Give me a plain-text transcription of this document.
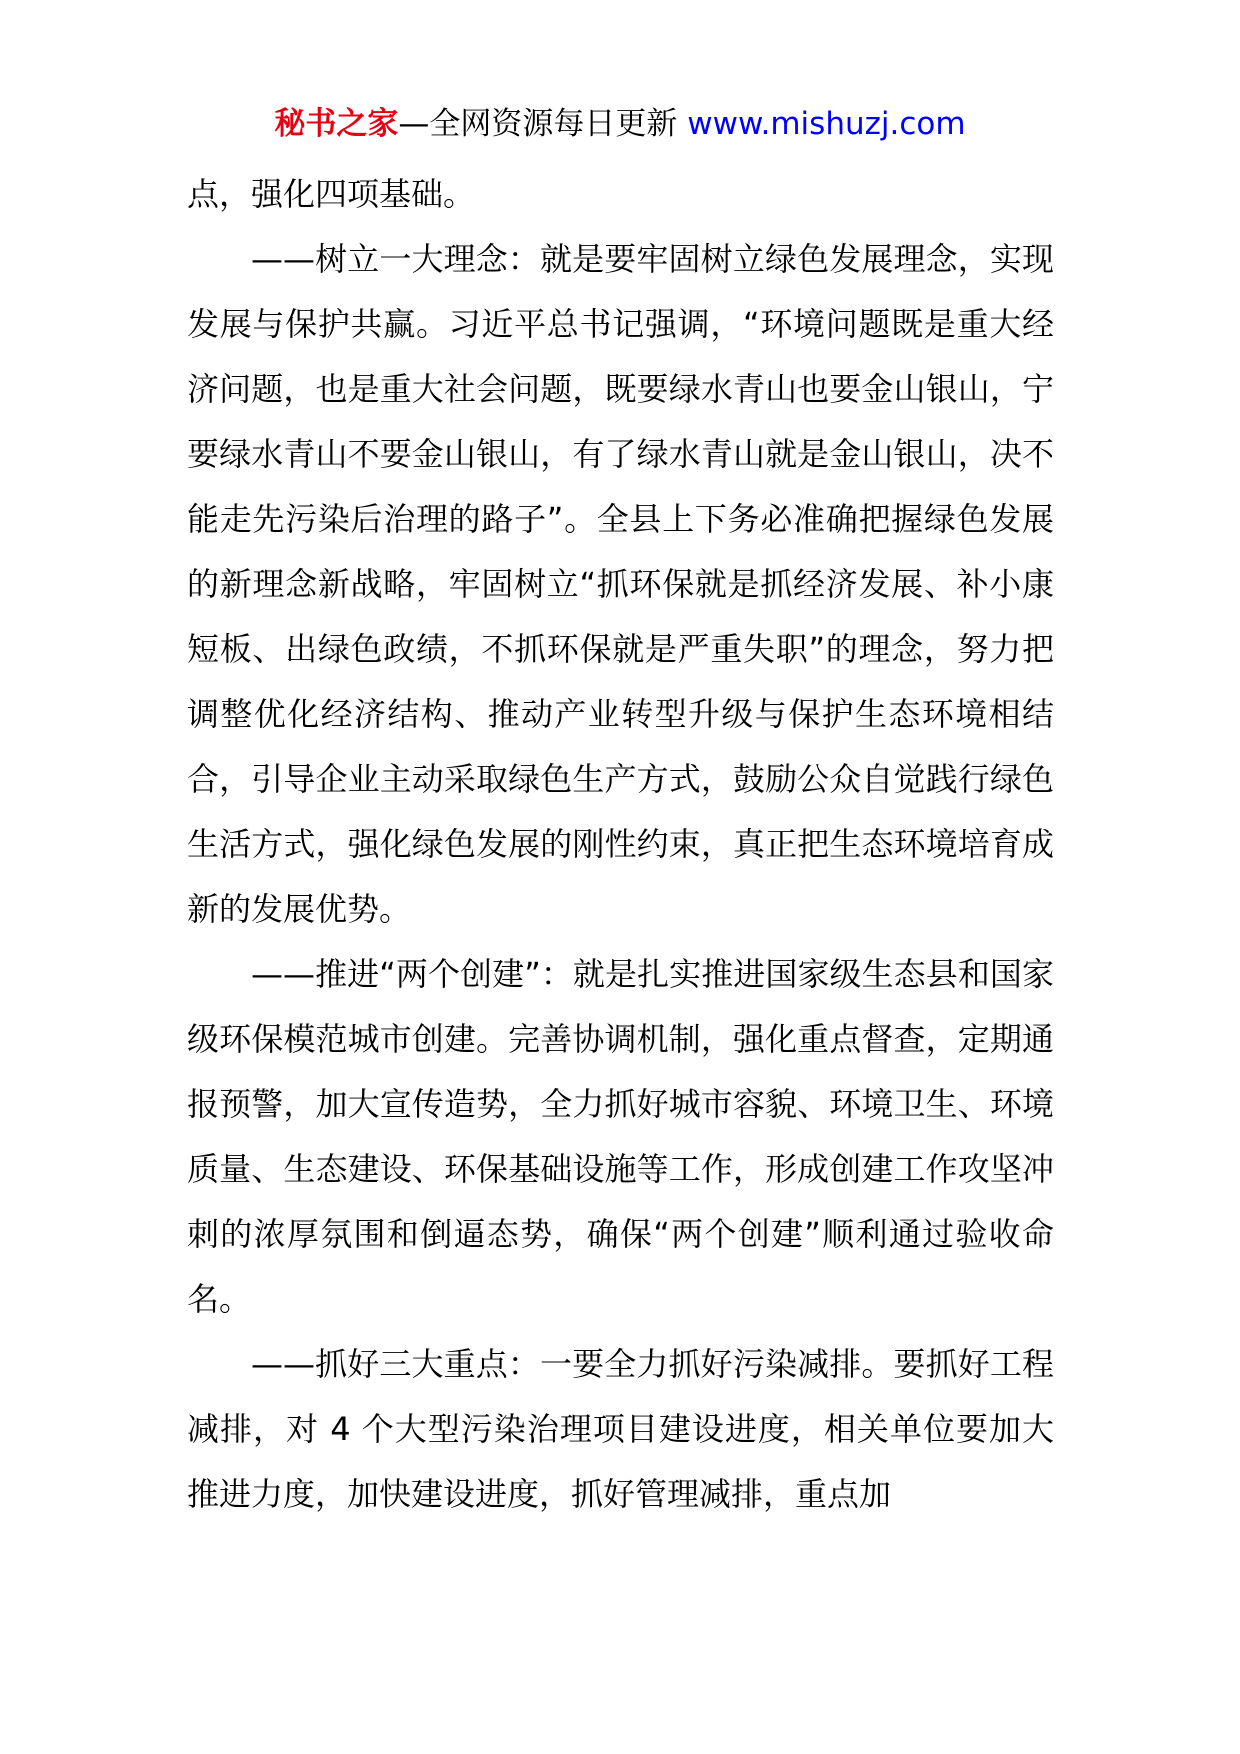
秘书之家—全网资源每日更新 www.mishuzj.com

点，强化四项基础。

——树立一大理念：就是要牢固树立绿色发展理念，实现发展与保护共赢。习近平总书记强调，“环境问题既是重大经济问题，也是重大社会问题，既要绿水青山也要金山银山，宁要绿水青山不要金山银山，有了绿水青山就是金山银山，决不能走先污染后治理的路子”。全县上下务必准确把握绿色发展的新理念新战略，牢固树立“抓环保就是抓经济发展、补小康短板、出绿色政绩，不抓环保就是严重失职”的理念，努力把调整优化经济结构、推动产业转型升级与保护生态环境相结合，引导企业主动采取绿色生产方式，鼓励公众自觉践行绿色生活方式，强化绿色发展的刚性约束，真正把生态环境培育成新的发展优势。

——推进“两个创建”：就是扎实推进国家级生态县和国家级环保模范城市创建。完善协调机制，强化重点督查，定期通报预警，加大宣传造势，全力抓好城市容貌、环境卫生、环境质量、生态建设、环保基础设施等工作，形成创建工作攻坚冲刺的浓厚氛围和倒逼态势，确保“两个创建”顺利通过验收命名。

——抓好三大重点：一要全力抓好污染减排。要抓好工程减排，对 4 个大型污染治理项目建设进度，相关单位要加大推进力度，加快建设进度，抓好管理减排，重点加
